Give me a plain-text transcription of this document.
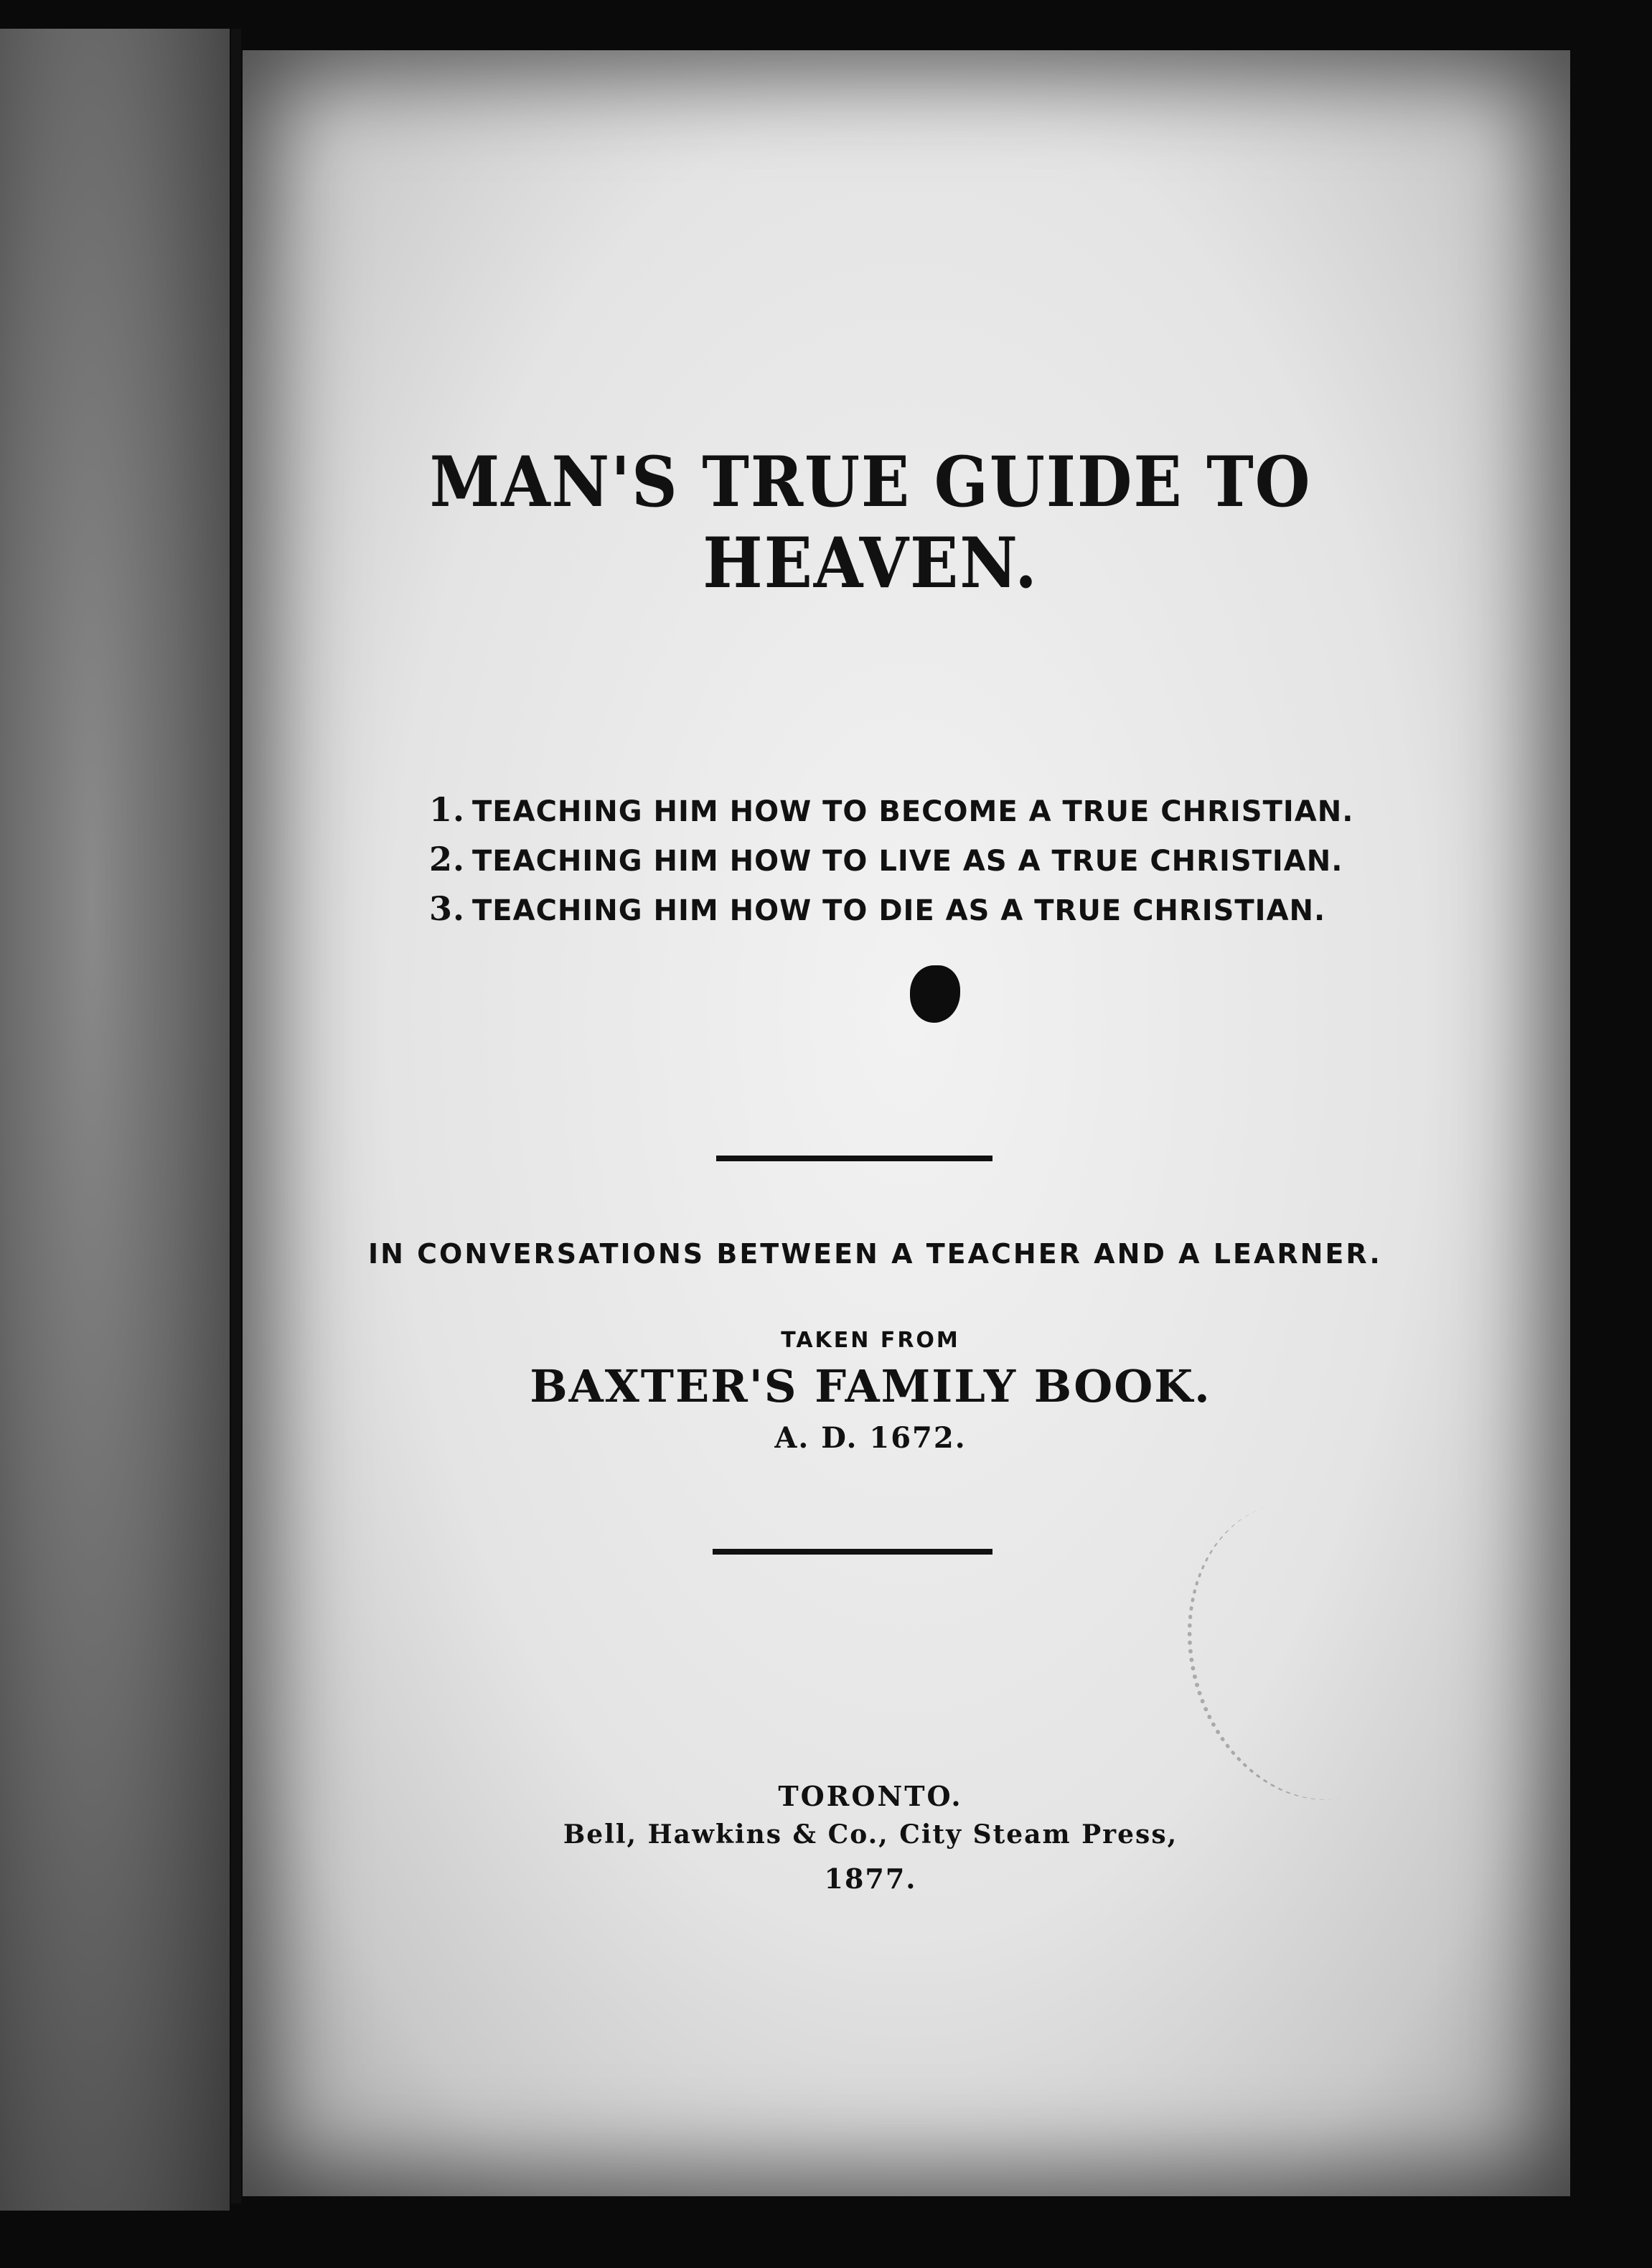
MAN'S TRUE GUIDE TO HEAVEN.
1. TEACHING HIM HOW TO BECOME A TRUE CHRISTIAN.
2. TEACHING HIM HOW TO LIVE AS A TRUE CHRISTIAN.
3. TEACHING HIM HOW TO DIE AS A TRUE CHRISTIAN.
IN CONVERSATIONS BETWEEN A TEACHER AND A LEARNER.
TAKEN FROM
BAXTER'S FAMILY BOOK.
A. D. 1672.
TORONTO.
Bell, Hawkins & Co., City Steam Press,
1877.
